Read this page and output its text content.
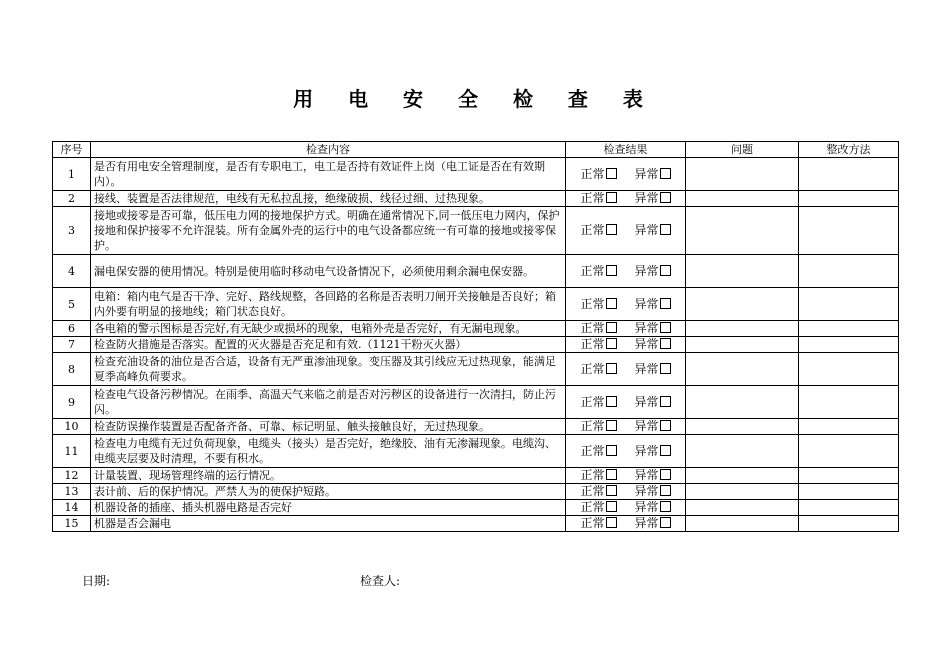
用 电 安 全 检 查 表
序号	检查内容	检查结果	问题	整改方法
1	是否有用电安全管理制度，是否有专职电工，电工是否持有效证件上岗（电工证是否在有效期内）。	正常 异常		
2	接线、装置是否法律规范，电线有无私拉乱接，绝缘破损、线径过细、过热现象。	正常 异常		
3	接地或接零是否可靠，低压电力网的接地保护方式。明确在通常情况下,同一低压电力网内，保护接地和保护接零不允许混装。所有金属外壳的运行中的电气设备都应统一有可靠的接地或接零保护。	正常 异常		
4	漏电保安器的使用情况。特别是使用临时移动电气设备情况下，必须使用剩余漏电保安器。	正常 异常		
5	电箱：箱内电气是否干净、完好、路线规整，各回路的名称是否表明刀闸开关接触是否良好；箱内外要有明显的接地线；箱门状态良好。	正常 异常		
6	各电箱的警示图标是否完好,有无缺少或损坏的现象，电箱外壳是否完好，有无漏电现象。	正常 异常		
7	检查防火措施是否落实。配置的灭火器是否充足和有效.（1121干粉灭火器）	正常 异常		
8	检查充油设备的油位是否合适，设备有无严重渗油现象。变压器及其引线应无过热现象，能满足夏季高峰负荷要求。	正常 异常		
9	检查电气设备污秽情况。在雨季、高温天气来临之前是否对污秽区的设备进行一次清扫，防止污闪。	正常 异常		
10	检查防误操作装置是否配备齐备、可靠、标记明显、触头接触良好，无过热现象。	正常 异常		
11	检查电力电缆有无过负荷现象，电缆头（接头）是否完好，绝缘胶、油有无渗漏现象。电缆沟、电缆夹层要及时清理，不要有积水。	正常 异常		
12	计量装置、现场管理终端的运行情况。	正常 异常		
13	表计前、后的保护情况。严禁人为的使保护短路。	正常 异常		
14	机器设备的插座、插头机器电路是否完好	正常 异常		
15	机器是否会漏电	正常 异常		
日期:	检查人:
